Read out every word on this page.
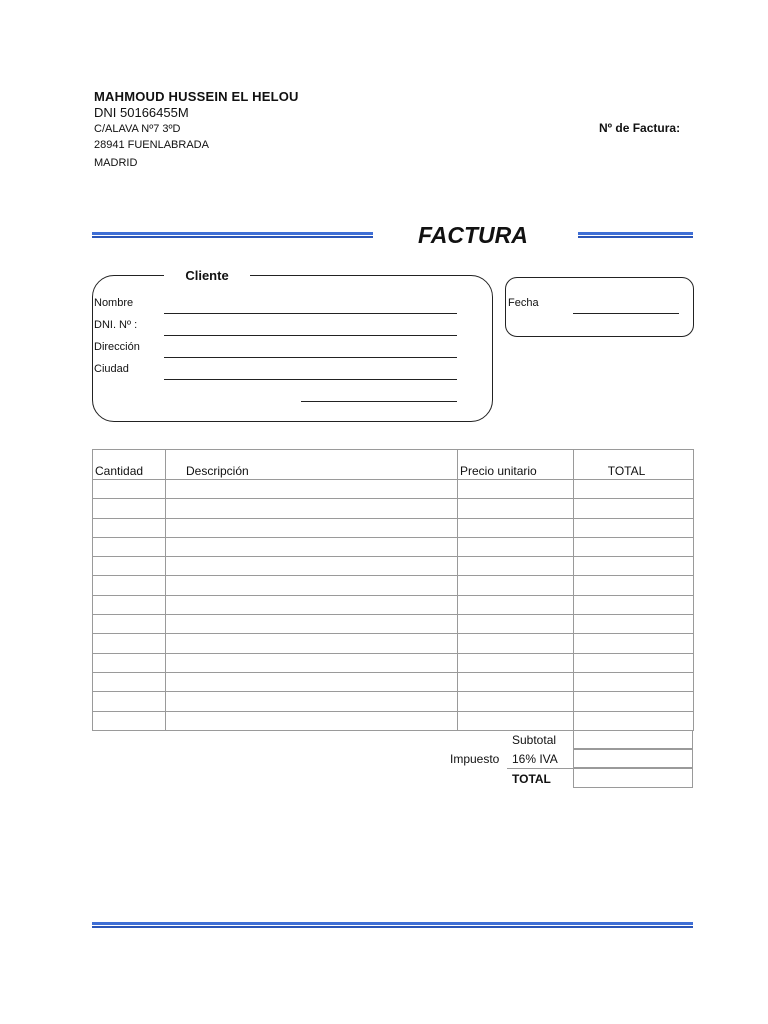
MAHMOUD HUSSEIN EL HELOU
DNI 50166455M
C/ALAVA Nº7 3ºD
28941 FUENLABRADA
MADRID
Nº de Factura:
FACTURA
Cliente
Nombre
DNI. Nº :
Dirección
Ciudad
Fecha
Cantidad	Descripción	Precio unitario	TOTAL

Subtotal
Impuesto 16% IVA
TOTAL
